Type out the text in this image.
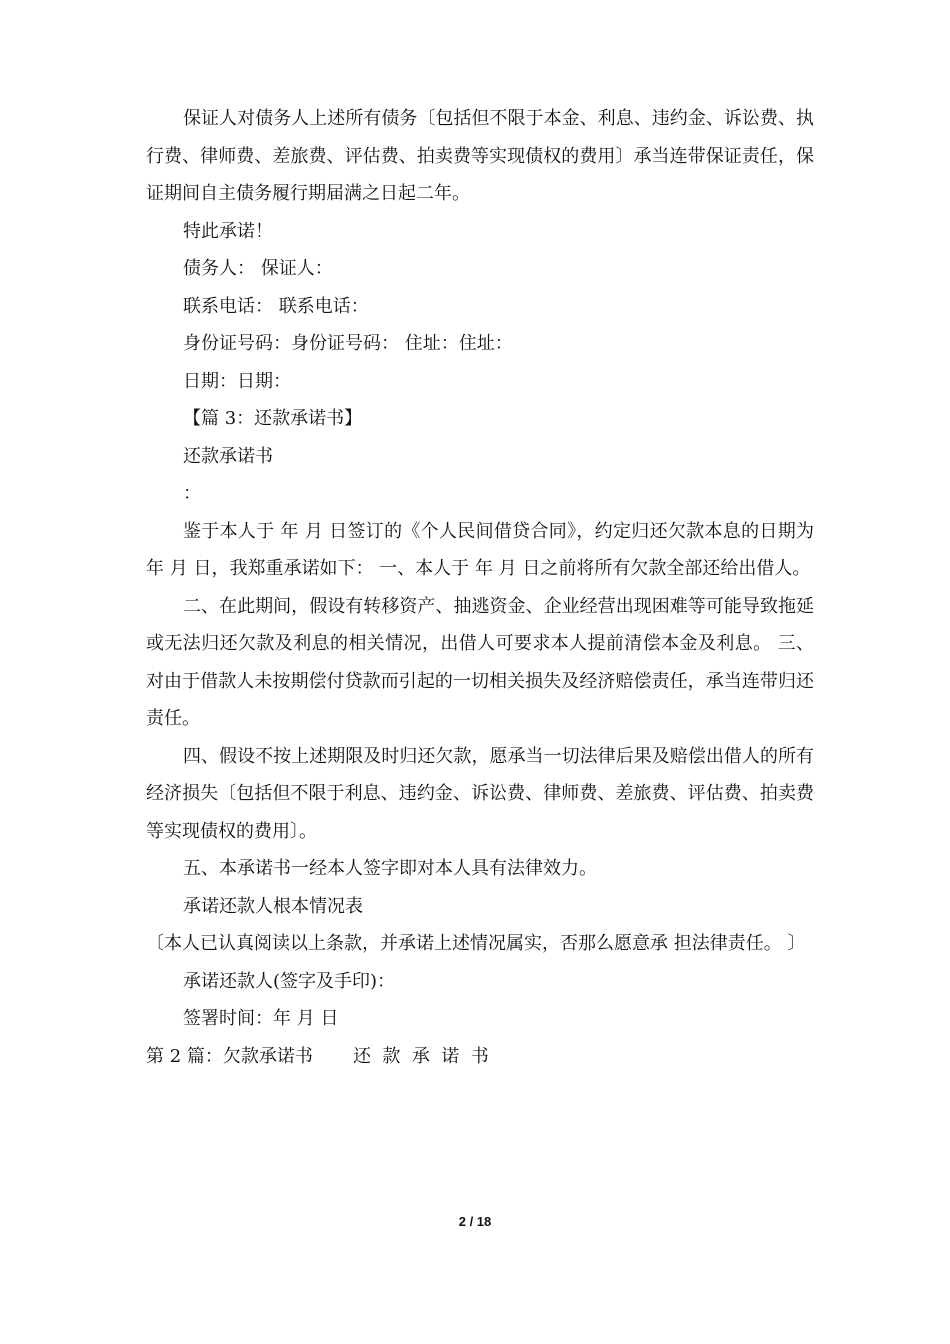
保证人对债务人上述所有债务〔包括但不限于本金、利息、违约金、诉讼费、执行费、律师费、差旅费、评估费、拍卖费等实现债权的费用〕承当连带保证责任，保证期间自主债务履行期届满之日起二年。

特此承诺！

债务人： 保证人：

联系电话： 联系电话：

身份证号码：身份证号码： 住址：住址：

日期：日期：

【篇 3：还款承诺书】

还款承诺书

：

鉴于本人于 年 月 日签订的《个人民间借贷合同》，约定归还欠款本息的日期为 年 月 日，我郑重承诺如下： 一、本人于 年 月 日之前将所有欠款全部还给出借人。

二、在此期间，假设有转移资产、抽逃资金、企业经营出现困难等可能导致拖延或无法归还欠款及利息的相关情况，出借人可要求本人提前清偿本金及利息。 三、对由于借款人未按期偿付贷款而引起的一切相关损失及经济赔偿责任，承当连带归还责任。

四、假设不按上述期限及时归还欠款，愿承当一切法律后果及赔偿出借人的所有经济损失〔包括但不限于利息、违约金、诉讼费、律师费、差旅费、评估费、拍卖费等实现债权的费用〕。

五、本承诺书一经本人签字即对本人具有法律效力。

承诺还款人根本情况表

〔本人已认真阅读以上条款，并承诺上述情况属实，否那么愿意承 担法律责任。 〕

承诺还款人(签字及手印)：

签署时间：年 月 日

第 2 篇：欠款承诺书       还  款  承  诺  书

2 / 18
